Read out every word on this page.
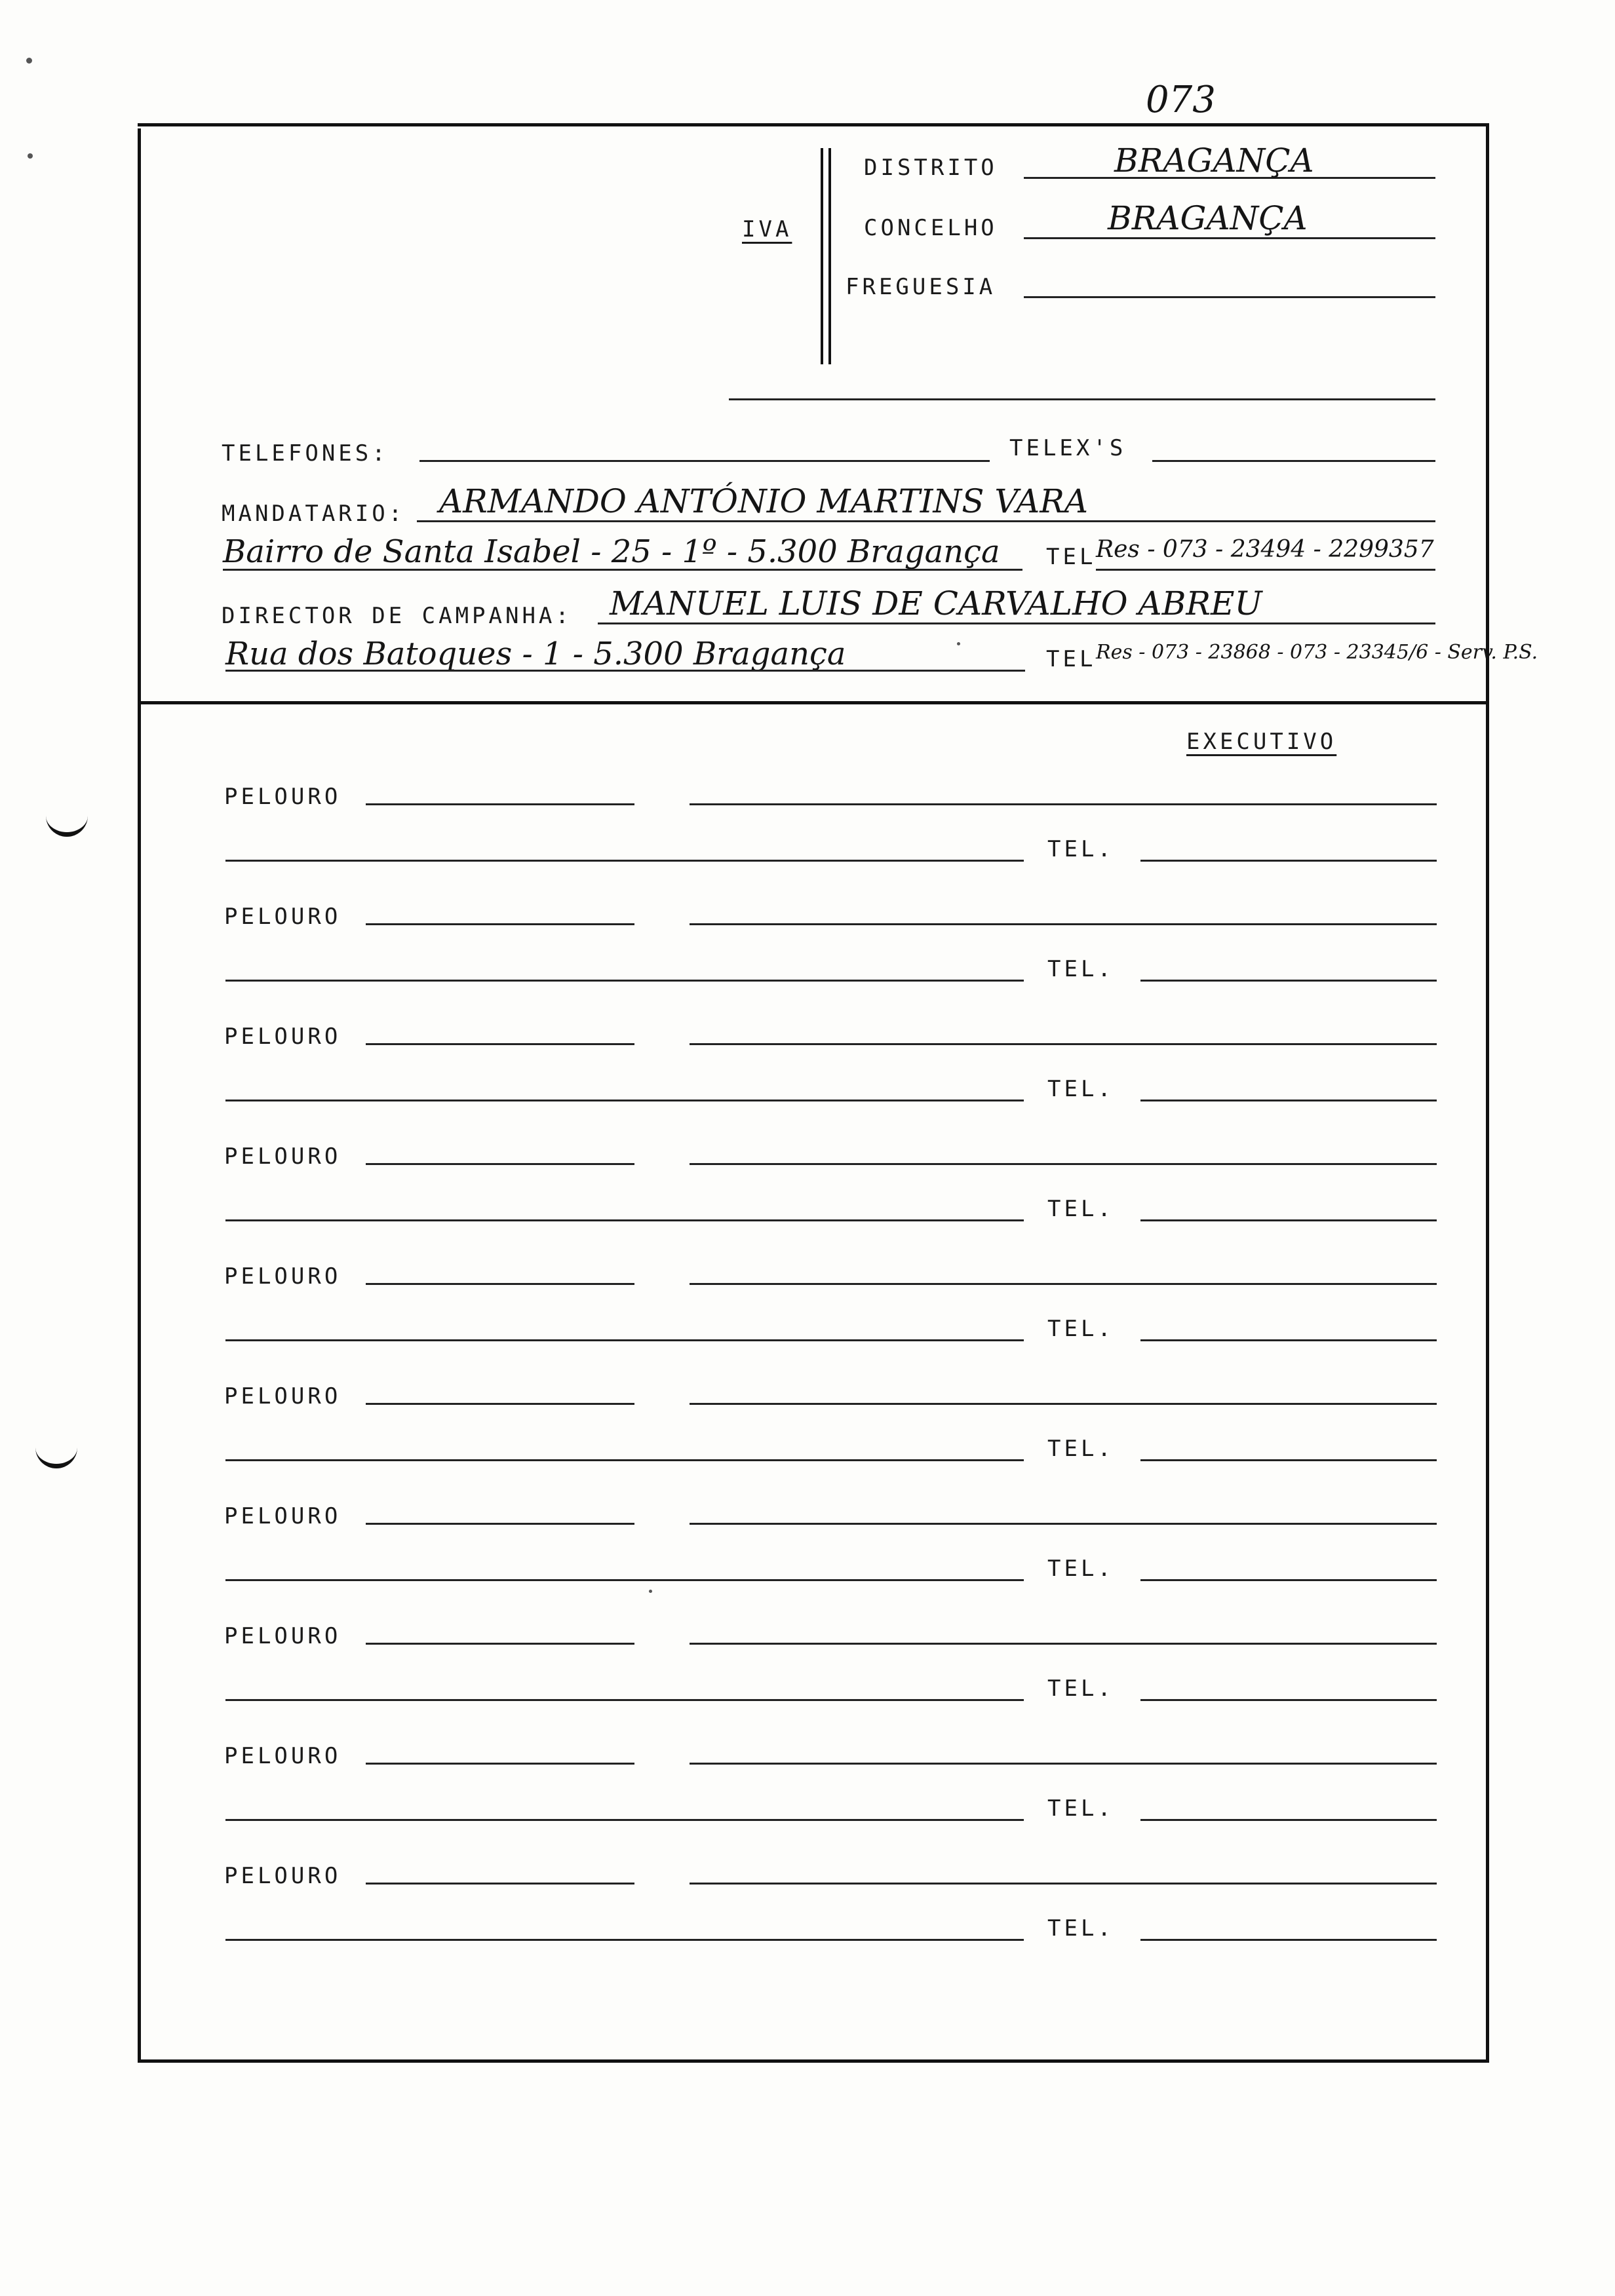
073
IVA
DISTRITO	BRAGANÇA
CONCELHO	BRAGANÇA
FREGUESIA
TELEFONES:	TELEX'S
MANDATARIO: ARMANDO ANTÓNIO MARTINS VARA
Bairro de Santa Isabel - 25 - 1º - 5.300 Bragança TEL Res - 073 - 23494 - 2299357
DIRECTOR DE CAMPANHA: MANUEL LUIS DE CARVALHO ABREU
Rua dos Batoques - 1 - 5.300 Bragança	TEL Res - 073 - 23868 - 073 - 23345/6 - Serv. P.S.
EXECUTIVO
PELOURO
TEL.
PELOURO
TEL.
PELOURO
TEL.
PELOURO
TEL.
PELOURO
TEL.
PELOURO
TEL.
PELOURO
TEL.
PELOURO
TEL.
PELOURO
TEL.
PELOURO
TEL.
